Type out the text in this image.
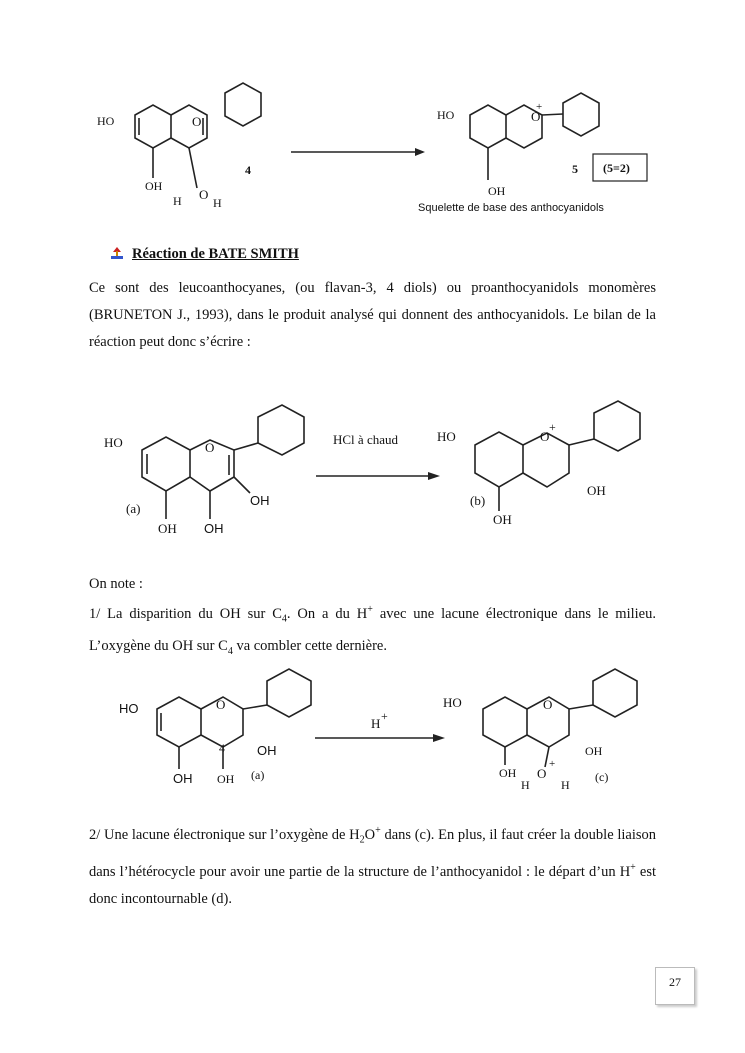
HO
OH
H	H
4
O
O
HO
OH
5
O
+
(5=2)
Squelette de base des anthocyanidols
Réaction de BATE SMITH
Ce sont des leucoanthocyanes, (ou flavan-3, 4 diols) ou proanthocyanidols monomères (BRUNETON J., 1993), dans le produit analysé qui donnent des anthocyanidols. Le bilan de la réaction peut donc s’écrire :
HO
OH OH
OH
(a)
O
HCl à chaud	HO
OH
OH
(b)
O
+
On note :
1/ La disparition du OH sur $C_4$. On a du H+ avec une lacune électronique dans le milieu. L’oxygène du OH sur $C_4$ va combler cette dernière.
HO
OH OH
OH
4
(a)
O
H +
HO
OH
OH
H	H
(c)
O
O
+
2/ Une lacune électronique sur l’oxygène de $H_2O^+$ dans (c). En plus, il faut créer la double liaison dans l’hétérocycle pour avoir une partie de la structure de l’anthocyanidol : le départ d’un H+ est donc incontournable (d).
27
